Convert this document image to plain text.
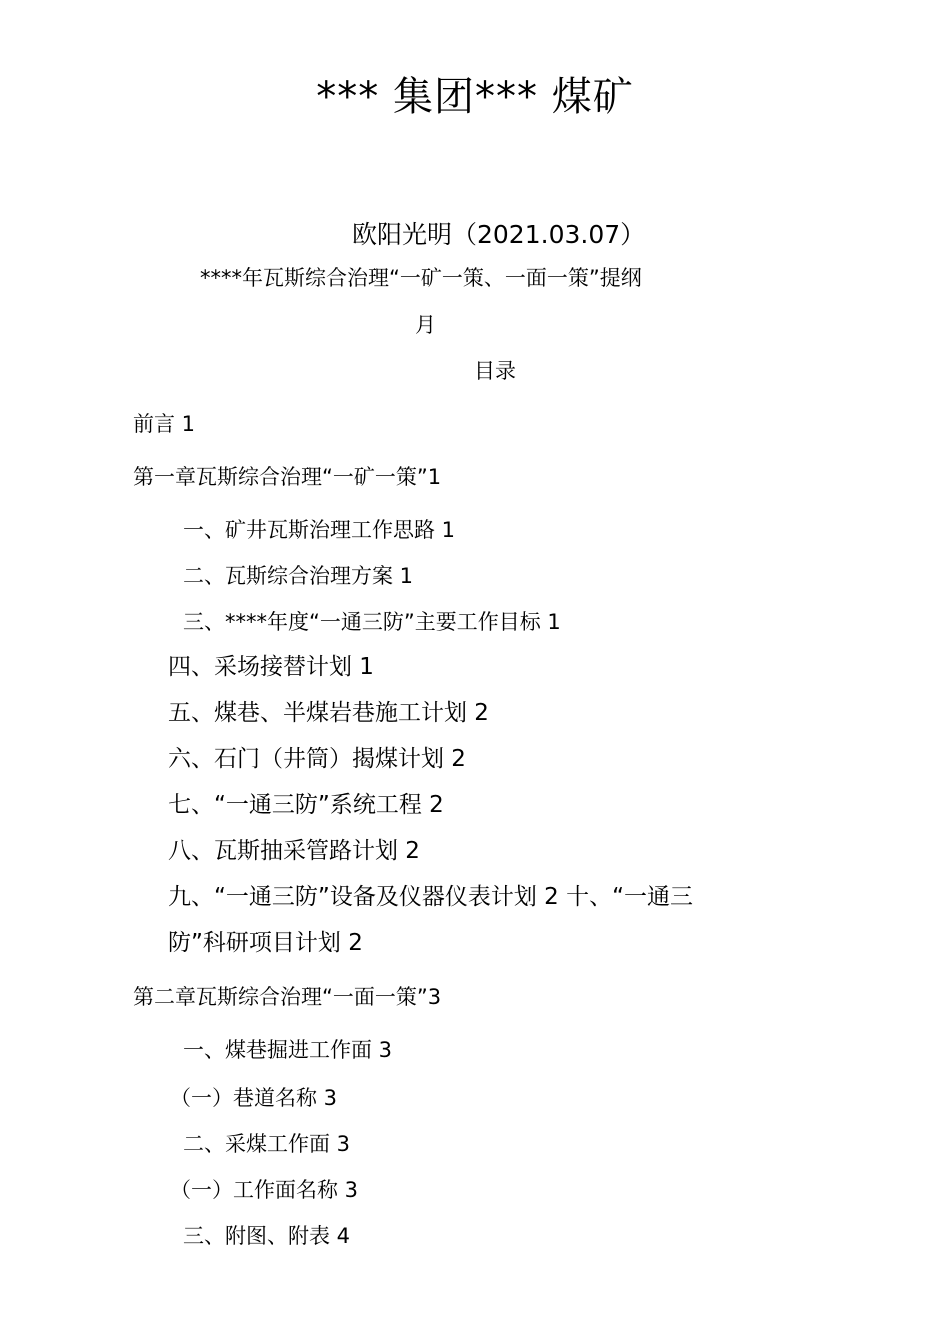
*** 集团*** 煤矿
欧阳光明（2021.03.07）
****年瓦斯综合治理“一矿一策、一面一策”提纲
月
目录
前言 1
第一章瓦斯综合治理“一矿一策”1
一、矿井瓦斯治理工作思路 1
二、瓦斯综合治理方案 1
三、****年度“一通三防”主要工作目标 1
四、采场接替计划 1
五、煤巷、半煤岩巷施工计划 2
六、石门（井筒）揭煤计划 2
七、“一通三防”系统工程 2
八、瓦斯抽采管路计划 2
九、“一通三防”设备及仪器仪表计划 2 十、“一通三
防”科研项目计划 2
第二章瓦斯综合治理“一面一策”3
一、煤巷掘进工作面 3
（一）巷道名称 3
二、采煤工作面 3
（一）工作面名称 3
三、附图、附表 4
